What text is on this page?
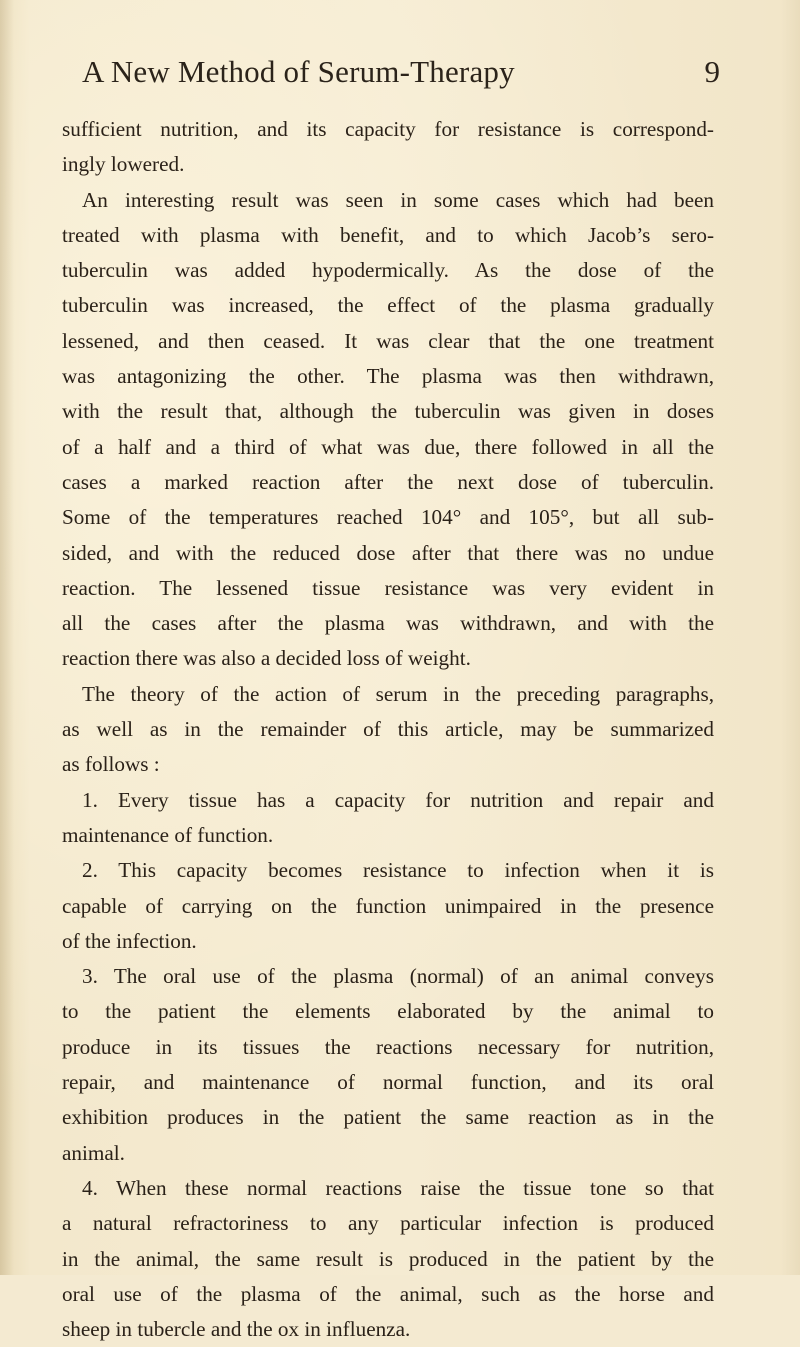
A New Method of Serum-Therapy	9
sufficient nutrition, and its capacity for resistance is correspond-
ingly lowered.
An interesting result was seen in some cases which had been
treated with plasma with benefit, and to which Jacob’s sero-
tuberculin was added hypodermically. As the dose of the
tuberculin was increased, the effect of the plasma gradually
lessened, and then ceased. It was clear that the one treatment
was antagonizing the other. The plasma was then withdrawn,
with the result that, although the tuberculin was given in doses
of a half and a third of what was due, there followed in all the
cases a marked reaction after the next dose of tuberculin.
Some of the temperatures reached 104° and 105°, but all sub-
sided, and with the reduced dose after that there was no undue
reaction. The lessened tissue resistance was very evident in
all the cases after the plasma was withdrawn, and with the
reaction there was also a decided loss of weight.
The theory of the action of serum in the preceding paragraphs,
as well as in the remainder of this article, may be summarized
as follows :
1. Every tissue has a capacity for nutrition and repair and
maintenance of function.
2. This capacity becomes resistance to infection when it is
capable of carrying on the function unimpaired in the presence
of the infection.
3. The oral use of the plasma (normal) of an animal conveys
to the patient the elements elaborated by the animal to
produce in its tissues the reactions necessary for nutrition,
repair, and maintenance of normal function, and its oral
exhibition produces in the patient the same reaction as in the
animal.
4. When these normal reactions raise the tissue tone so that
a natural refractoriness to any particular infection is produced
in the animal, the same result is produced in the patient by the
oral use of the plasma of the animal, such as the horse and
sheep in tubercle and the ox in influenza.
